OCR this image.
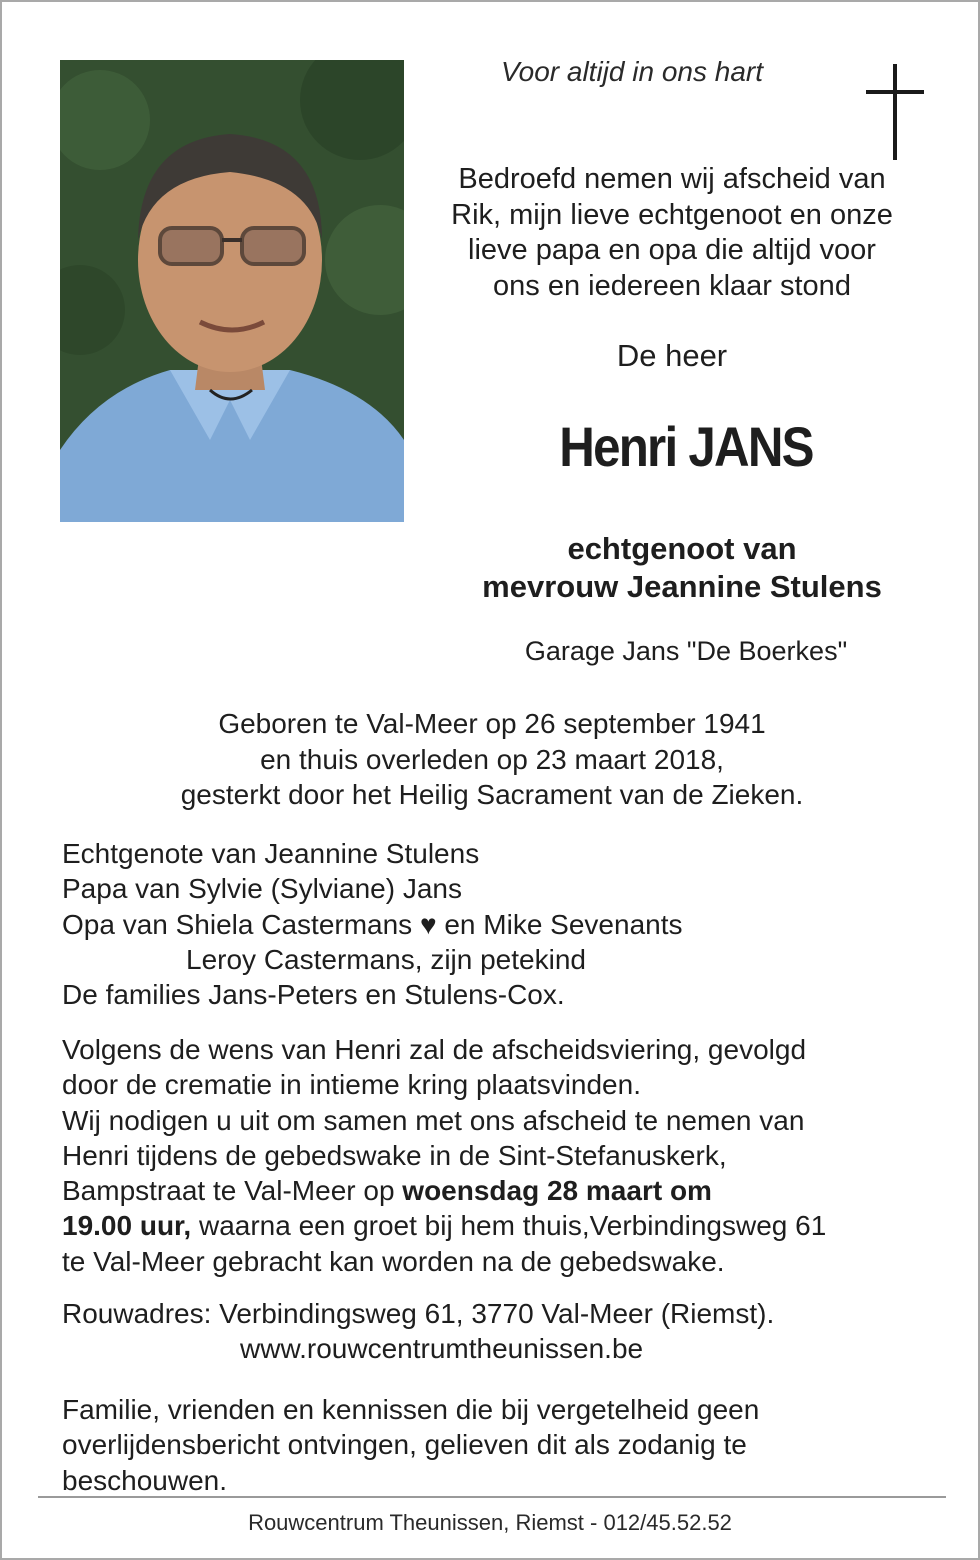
Voor altijd in ons hart
Bedroefd nemen wij afscheid van
Rik, mijn lieve echtgenoot en onze
lieve papa en opa die altijd voor
ons en iedereen klaar stond
De heer
Henri JANS
echtgenoot van
mevrouw Jeannine Stulens
Garage Jans "De Boerkes"
Geboren te Val-Meer op 26 september 1941
en thuis overleden op 23 maart 2018,
gesterkt door het Heilig Sacrament van de Zieken.
Echtgenote van Jeannine Stulens
Papa van Sylvie (Sylviane) Jans
Opa van Shiela Castermans ♥ en Mike Sevenants
Leroy Castermans, zijn petekind
De families Jans-Peters en Stulens-Cox.
Volgens de wens van Henri zal de afscheidsviering, gevolgd
door de crematie in intieme kring plaatsvinden.
Wij nodigen u uit om samen met ons afscheid te nemen van
Henri tijdens de gebedswake in de Sint-Stefanuskerk,
Bampstraat te Val-Meer op woensdag 28 maart om
19.00 uur, waarna een groet bij hem thuis,Verbindingsweg 61
te Val-Meer gebracht kan worden na de gebedswake.
Rouwadres: Verbindingsweg 61, 3770 Val-Meer (Riemst).
www.rouwcentrumtheunissen.be
Familie, vrienden en kennissen die bij vergetelheid geen
overlijdensbericht ontvingen, gelieven dit als zodanig te
beschouwen.
Rouwcentrum Theunissen, Riemst - 012/45.52.52
